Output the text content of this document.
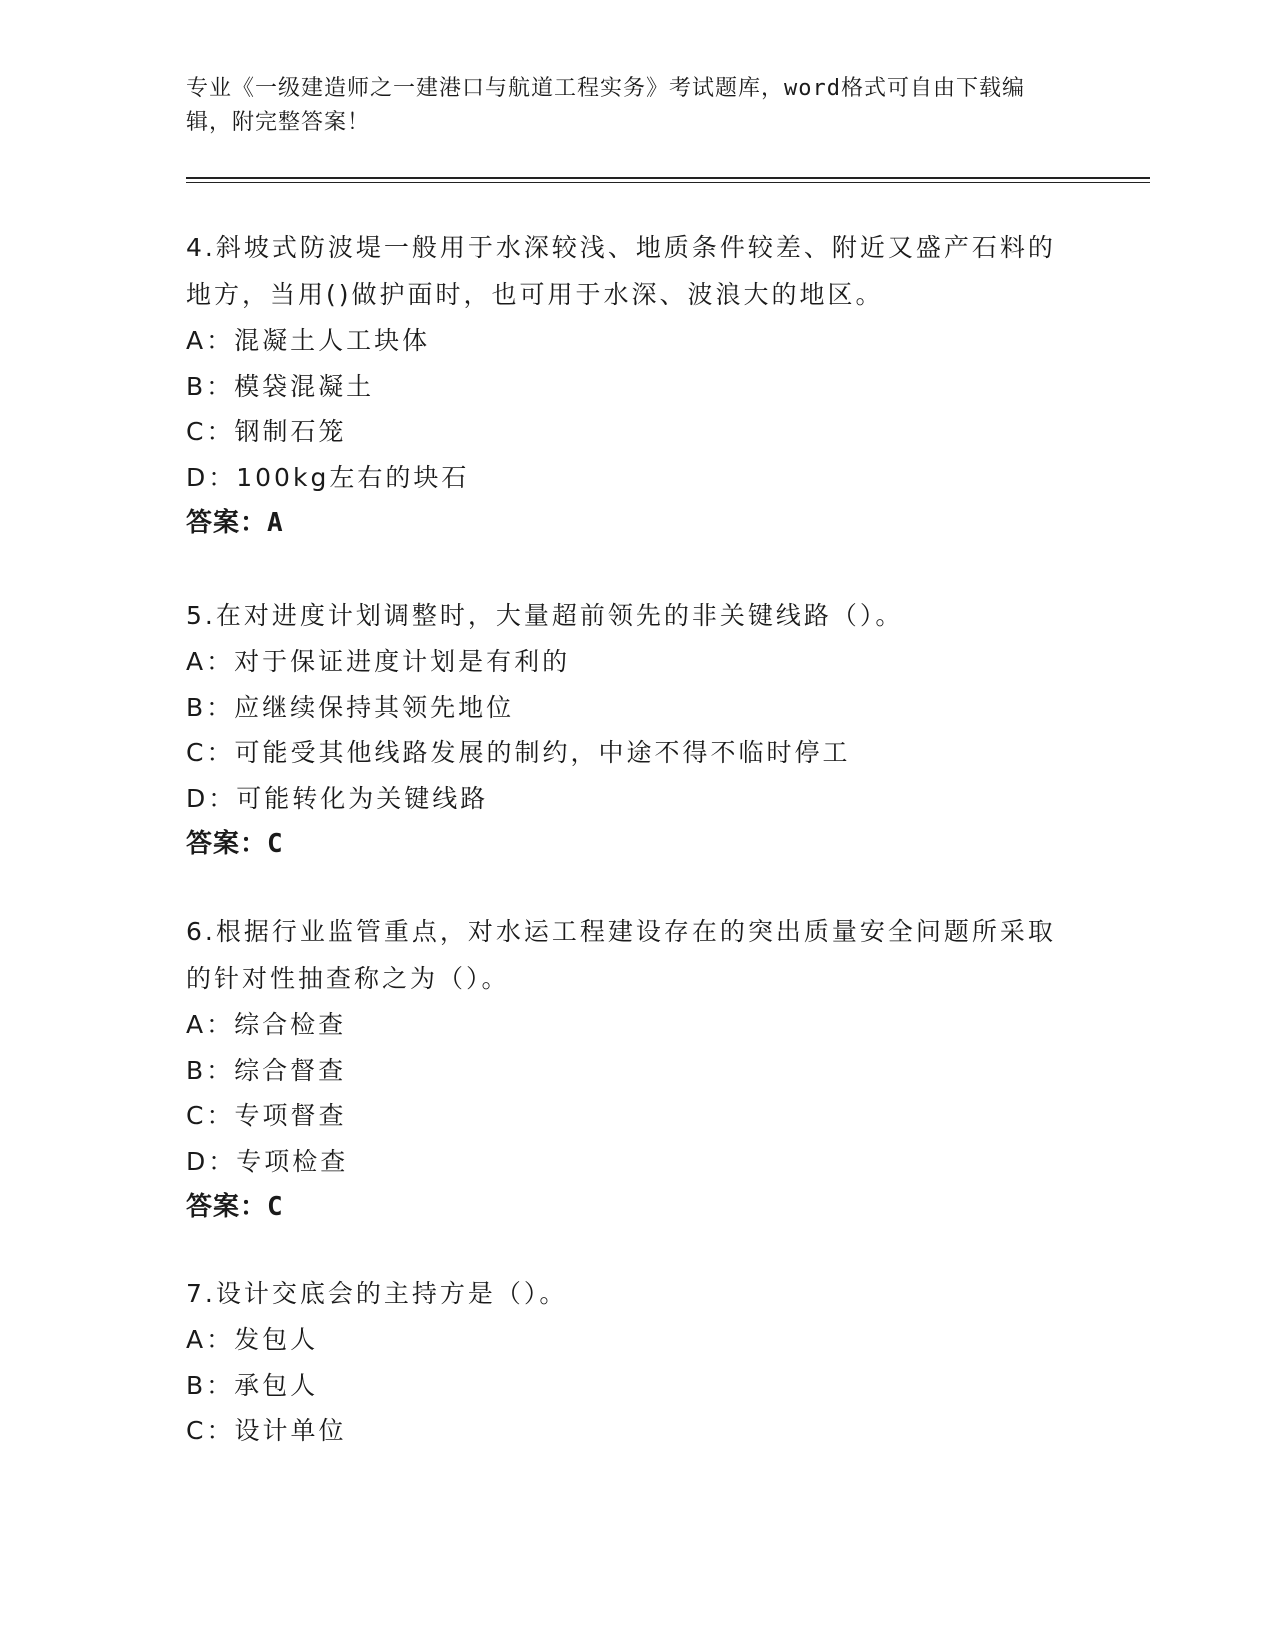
专业《一级建造师之一建港口与航道工程实务》考试题库，word格式可自由下载编辑，附完整答案！
4.斜坡式防波堤一般用于水深较浅、地质条件较差、附近又盛产石料的地方，当用()做护面时，也可用于水深、波浪大的地区。
A：混凝土人工块体
B：模袋混凝土
C：钢制石笼
D：100kg左右的块石
答案：A
5.在对进度计划调整时，大量超前领先的非关键线路（）。
A：对于保证进度计划是有利的
B：应继续保持其领先地位
C：可能受其他线路发展的制约，中途不得不临时停工
D：可能转化为关键线路
答案：C
6.根据行业监管重点，对水运工程建设存在的突出质量安全问题所采取的针对性抽查称之为（）。
A：综合检查
B：综合督查
C：专项督查
D：专项检查
答案：C
7.设计交底会的主持方是（）。
A：发包人
B：承包人
C：设计单位
